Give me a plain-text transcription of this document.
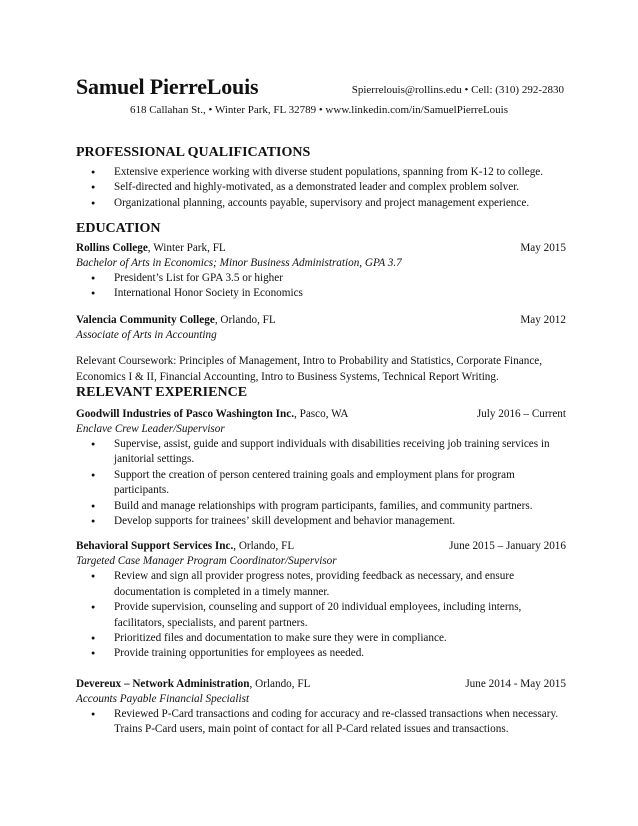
Samuel PierreLouis	Spierrelouis@rollins.edu • Cell: (310) 292-2830
618 Callahan St., • Winter Park, FL 32789 • www.linkedin.com/in/SamuelPierreLouis
PROFESSIONAL QUALIFICATIONS
● Extensive experience working with diverse student populations, spanning from K-12 to college.
● Self-directed and highly-motivated, as a demonstrated leader and complex problem solver.
● Organizational planning, accounts payable, supervisory and project management experience.
EDUCATION
Rollins College, Winter Park, FL	May 2015
Bachelor of Arts in Economics; Minor Business Administration, GPA 3.7
● President’s List for GPA 3.5 or higher
● International Honor Society in Economics
Valencia Community College, Orlando, FL	May 2012
Associate of Arts in Accounting
Relevant Coursework: Principles of Management, Intro to Probability and Statistics, Corporate Finance, Economics I & II, Financial Accounting, Intro to Business Systems, Technical Report Writing.
RELEVANT EXPERIENCE
Goodwill Industries of Pasco Washington Inc., Pasco, WA	July 2016 – Current
Enclave Crew Leader/Supervisor
● Supervise, assist, guide and support individuals with disabilities receiving job training services in janitorial settings.
● Support the creation of person centered training goals and employment plans for program participants.
● Build and manage relationships with program participants, families, and community partners.
● Develop supports for trainees’ skill development and behavior management.
Behavioral Support Services Inc., Orlando, FL	June 2015 – January 2016
Targeted Case Manager Program Coordinator/Supervisor
● Review and sign all provider progress notes, providing feedback as necessary, and ensure documentation is completed in a timely manner.
● Provide supervision, counseling and support of 20 individual employees, including interns, facilitators, specialists, and parent partners.
● Prioritized files and documentation to make sure they were in compliance.
● Provide training opportunities for employees as needed.
Devereux – Network Administration, Orlando, FL	June 2014 - May 2015
Accounts Payable Financial Specialist
● Reviewed P-Card transactions and coding for accuracy and re-classed transactions when necessary. Trains P-Card users, main point of contact for all P-Card related issues and transactions.
